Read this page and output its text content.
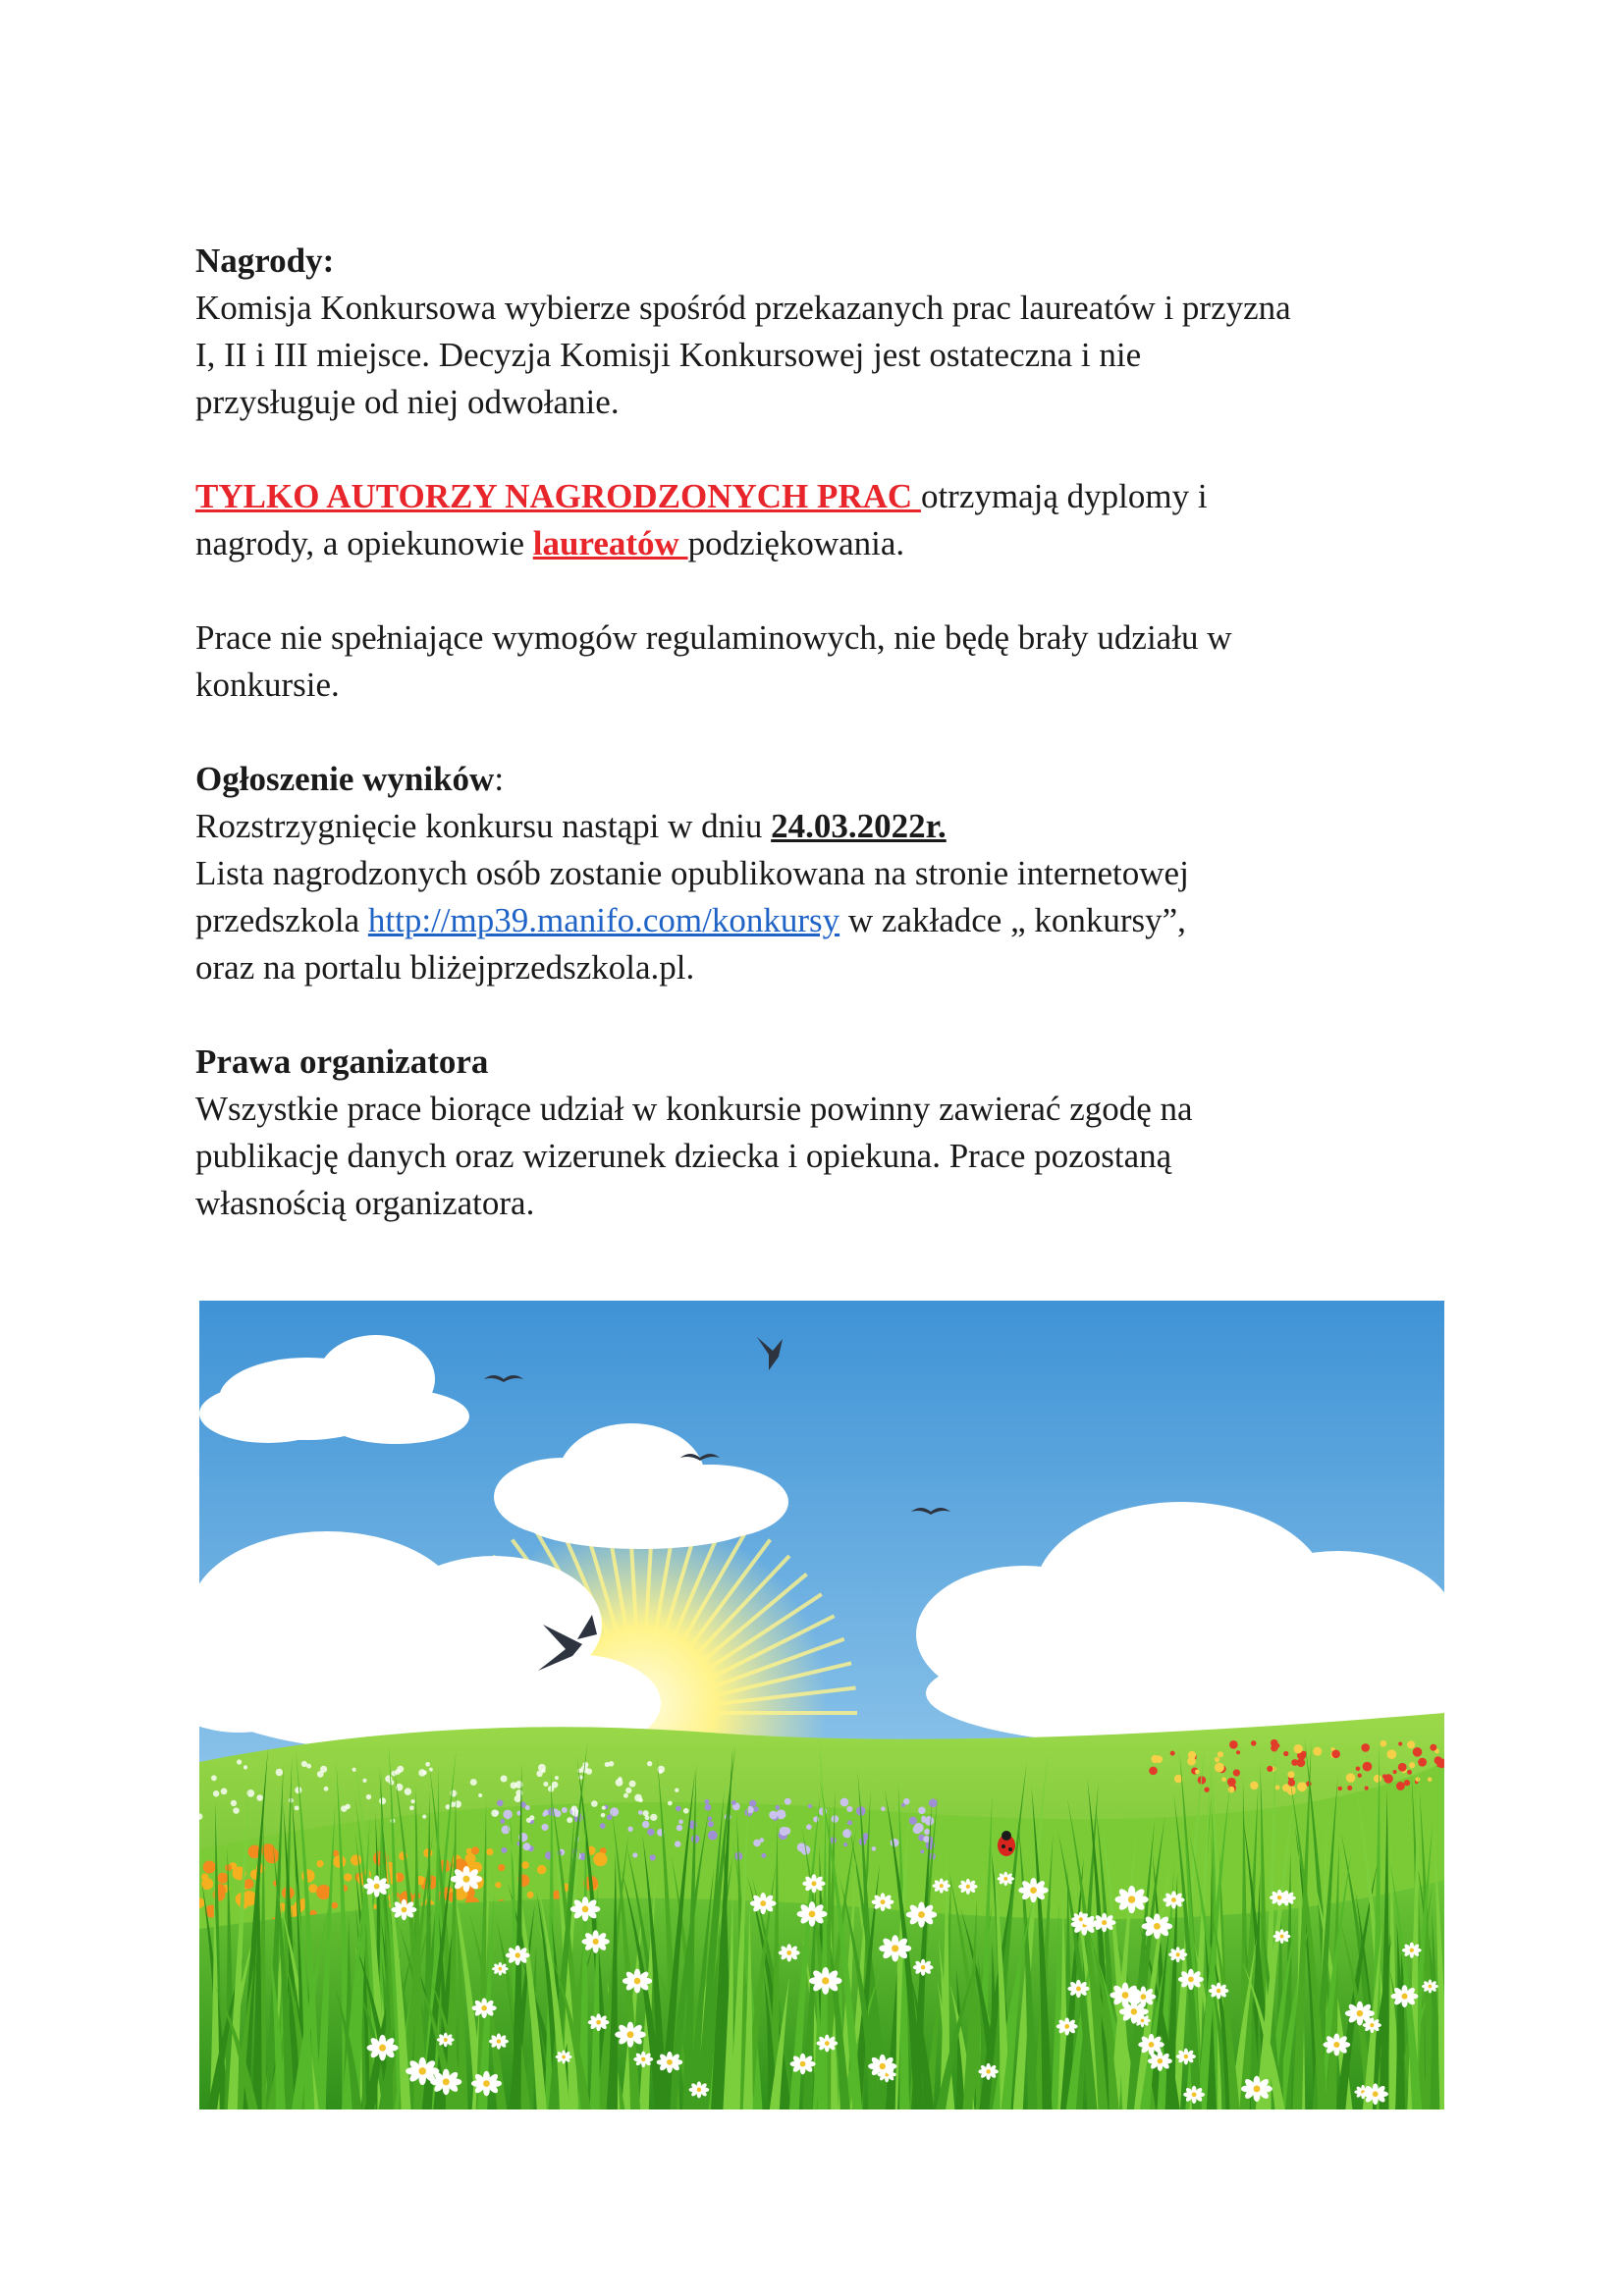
Nagrody:

Komisja Konkursowa wybierze spośród przekazanych prac laureatów i przyzna

I, II i III miejsce. Decyzja Komisji Konkursowej jest ostateczna i nie

przysługuje od niej odwołanie.

TYLKO AUTORZY NAGRODZONYCH PRAC otrzymają dyplomy i

nagrody, a opiekunowie laureatów podziękowania.

Prace nie spełniające wymogów regulaminowych, nie będę brały udziału w

konkursie.

Ogłoszenie wyników:

Rozstrzygnięcie konkursu nastąpi w dniu 24.03.2022r.

Lista nagrodzonych osób zostanie opublikowana na stronie internetowej

przedszkola http://mp39.manifo.com/konkursy w zakładce „ konkursy”,

oraz na portalu bliżejprzedszkola.pl.

Prawa organizatora

Wszystkie prace biorące udział w konkursie powinny zawierać zgodę na

publikację danych oraz wizerunek dziecka i opiekuna. Prace pozostaną

własnością organizatora.
